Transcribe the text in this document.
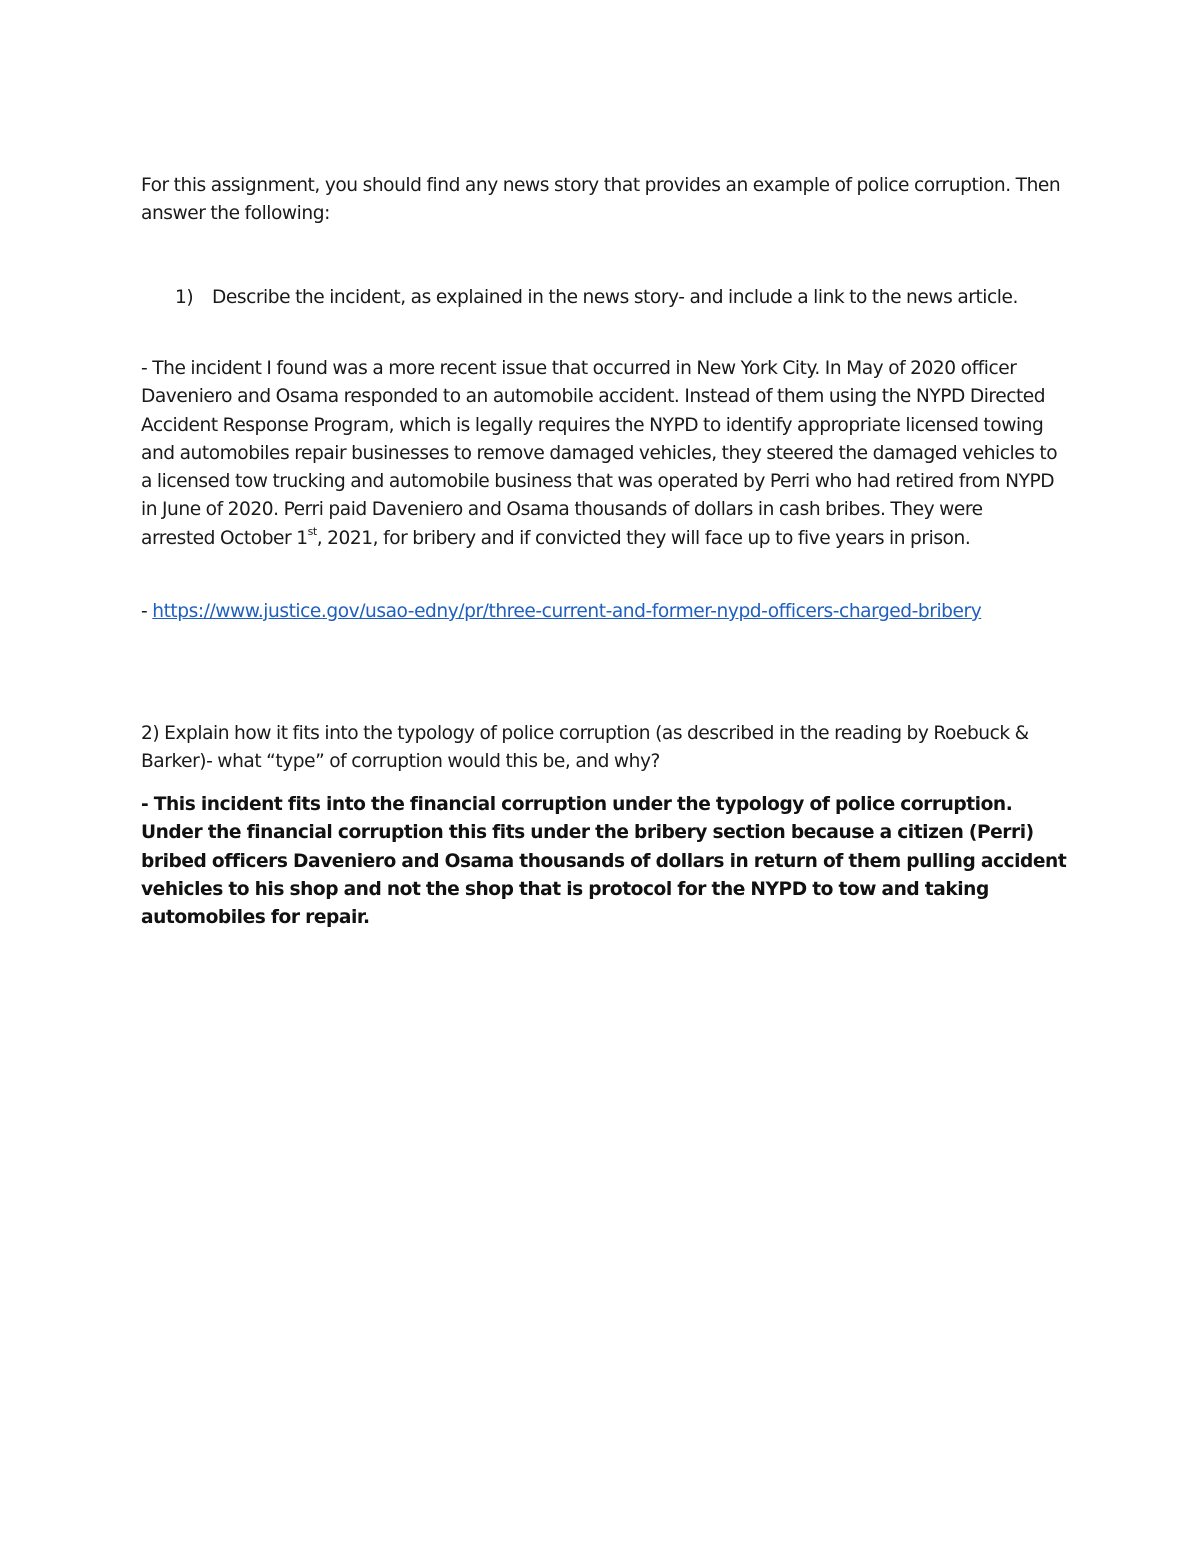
For this assignment, you should find any news story that provides an example of police corruption. Then answer the following:

1)	Describe the incident, as explained in the news story- and include a link to the news article.

- The incident I found was a more recent issue that occurred in New York City. In May of 2020 officer Daveniero and Osama responded to an automobile accident. Instead of them using the NYPD Directed Accident Response Program, which is legally requires the NYPD to identify appropriate licensed towing and automobiles repair businesses to remove damaged vehicles, they steered the damaged vehicles to a licensed tow trucking and automobile business that was operated by Perri who had retired from NYPD in June of 2020. Perri paid Daveniero and Osama thousands of dollars in cash bribes. They were arrested October 1st, 2021, for bribery and if convicted they will face up to five years in prison.

- https://www.justice.gov/usao-edny/pr/three-current-and-former-nypd-officers-charged-bribery

2) Explain how it fits into the typology of police corruption (as described in the reading by Roebuck & Barker)- what “type” of corruption would this be, and why?

- This incident fits into the financial corruption under the typology of police corruption. Under the financial corruption this fits under the bribery section because a citizen (Perri) bribed officers Daveniero and Osama thousands of dollars in return of them pulling accident vehicles to his shop and not the shop that is protocol for the NYPD to tow and taking automobiles for repair.
